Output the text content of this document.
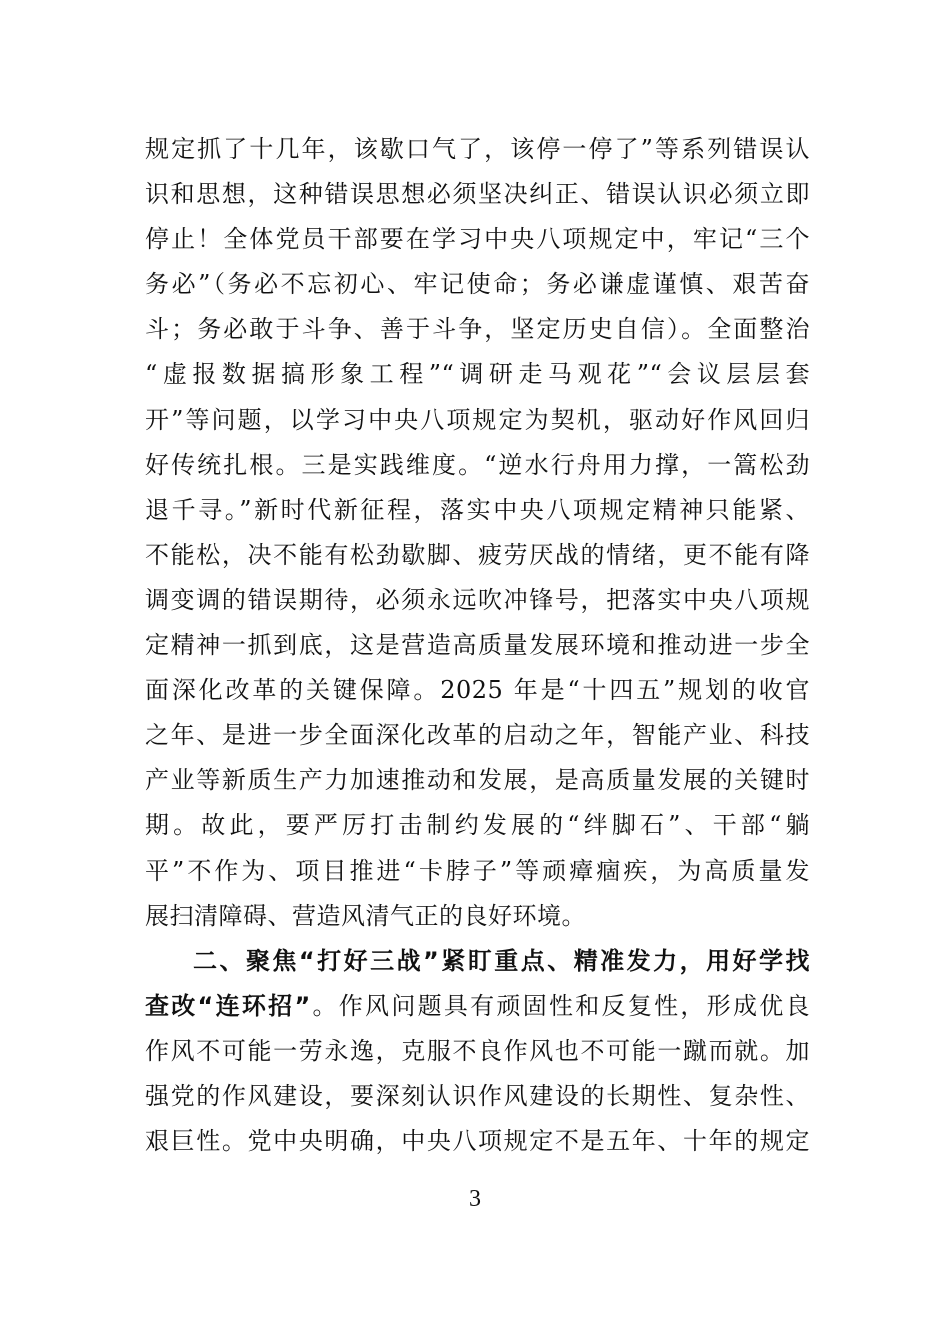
规定抓了十几年，该歇口气了，该停一停了”等系列错误认
识和思想，这种错误思想必须坚决纠正、错误认识必须立即
停止！全体党员干部要在学习中央八项规定中，牢记“三个
务必”（务必不忘初心、牢记使命；务必谦虚谨慎、艰苦奋
斗；务必敢于斗争、善于斗争，坚定历史自信）。全面整治
“虚报数据搞形象工程”“调研走马观花”“会议层层套
开”等问题，以学习中央八项规定为契机，驱动好作风回归
好传统扎根。三是实践维度。“逆水行舟用力撑，一篙松劲
退千寻。”新时代新征程，落实中央八项规定精神只能紧、
不能松，决不能有松劲歇脚、疲劳厌战的情绪，更不能有降
调变调的错误期待，必须永远吹冲锋号，把落实中央八项规
定精神一抓到底，这是营造高质量发展环境和推动进一步全
面深化改革的关键保障。2025 年是“十四五”规划的收官
之年、是进一步全面深化改革的启动之年，智能产业、科技
产业等新质生产力加速推动和发展，是高质量发展的关键时
期。故此，要严厉打击制约发展的“绊脚石”、干部“躺
平”不作为、项目推进“卡脖子”等顽瘴痼疾，为高质量发
展扫清障碍、营造风清气正的良好环境。
二、聚焦“打好三战”紧盯重点、精准发力，用好学找
查改“连环招”。作风问题具有顽固性和反复性，形成优良
作风不可能一劳永逸，克服不良作风也不可能一蹴而就。加
强党的作风建设，要深刻认识作风建设的长期性、复杂性、
艰巨性。党中央明确，中央八项规定不是五年、十年的规定
3
